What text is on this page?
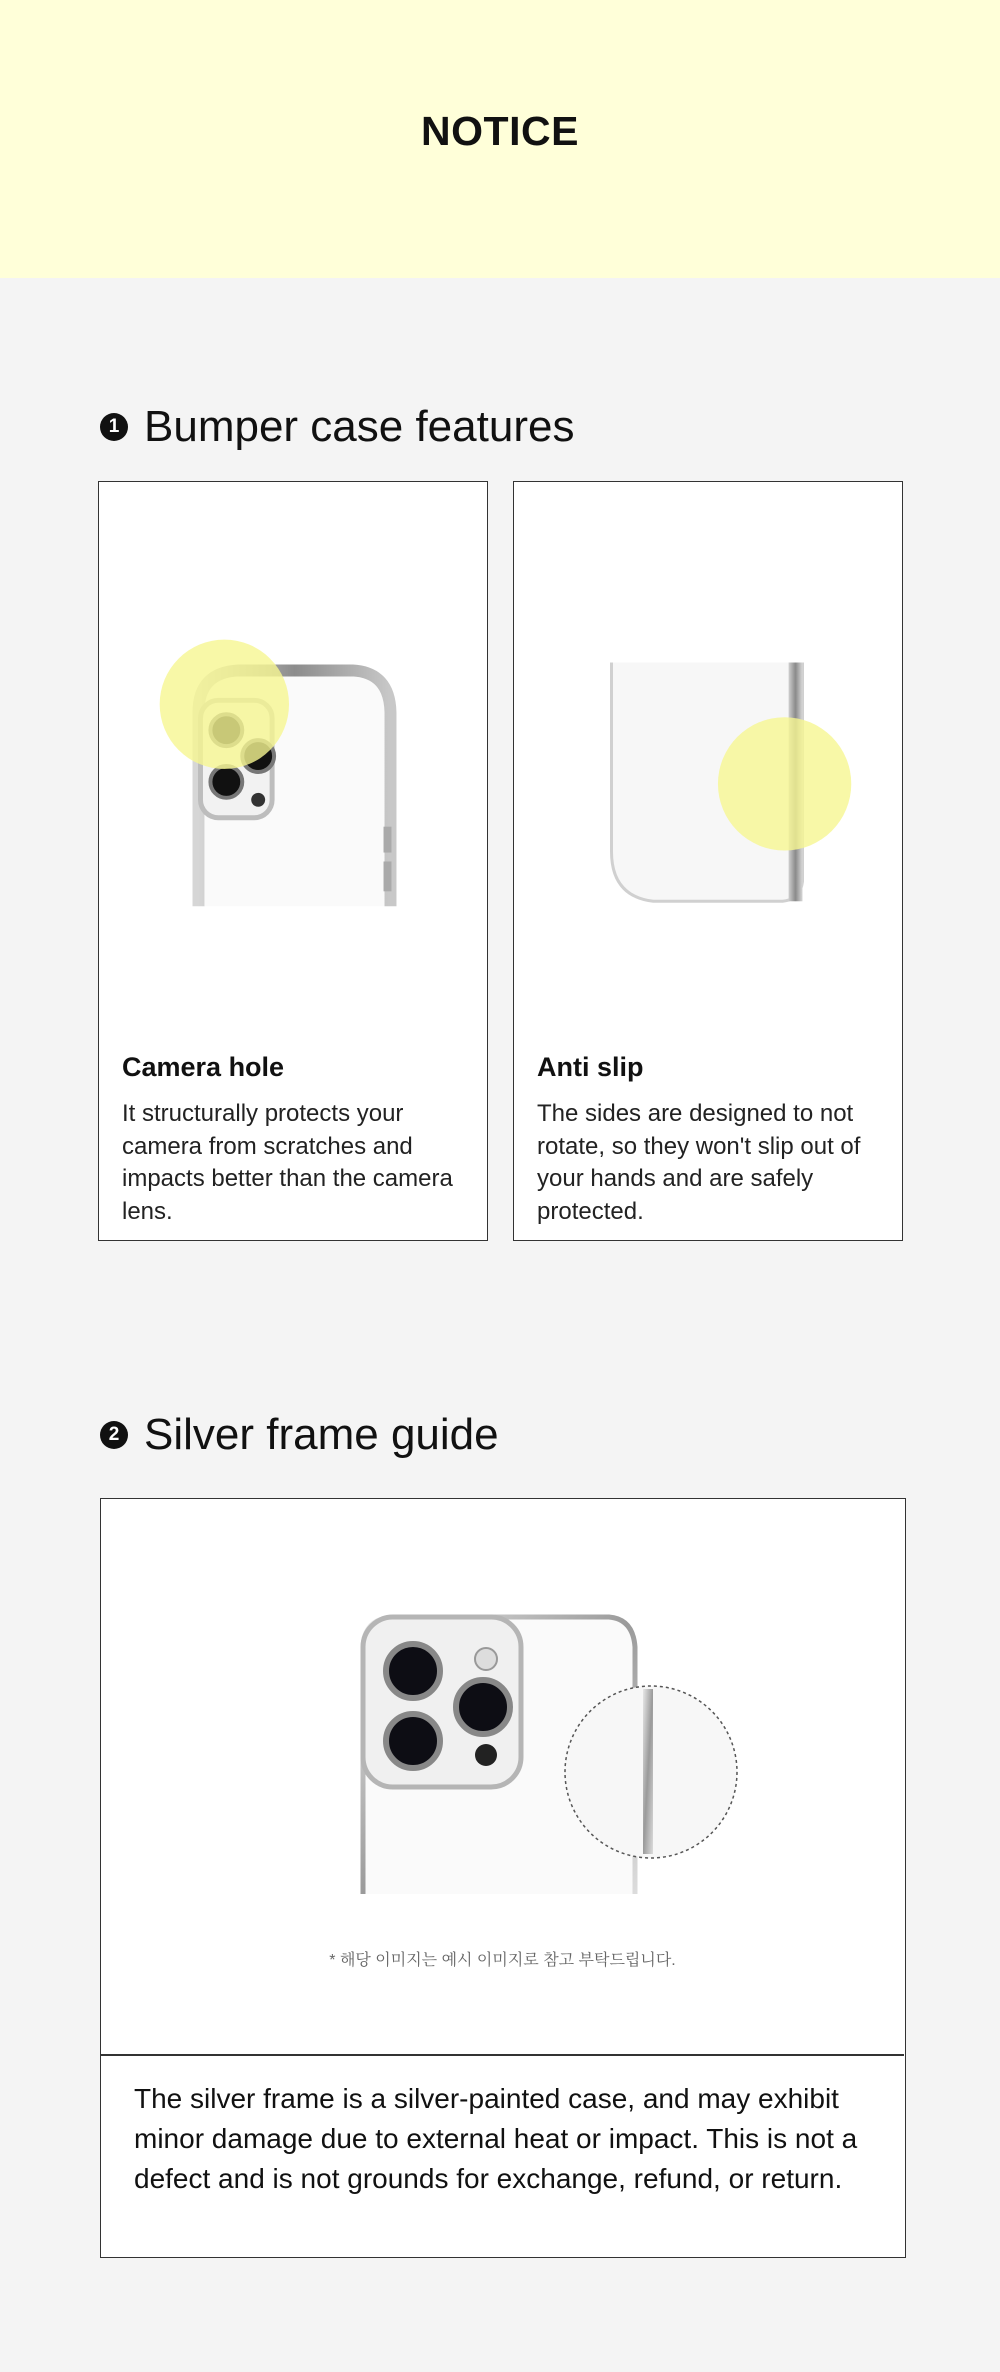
NOTICE
1 Bumper case features
Camera hole
It structurally protects your camera from scratches and impacts better than the camera lens.
Anti slip
The sides are designed to not rotate, so they won't slip out of your hands and are safely protected.
2 Silver frame guide
* 해당 이미지는 예시 이미지로 참고 부탁드립니다.
The silver frame is a silver-painted case, and may exhibit minor damage due to external heat or impact. This is not a defect and is not grounds for exchange, refund, or return.
